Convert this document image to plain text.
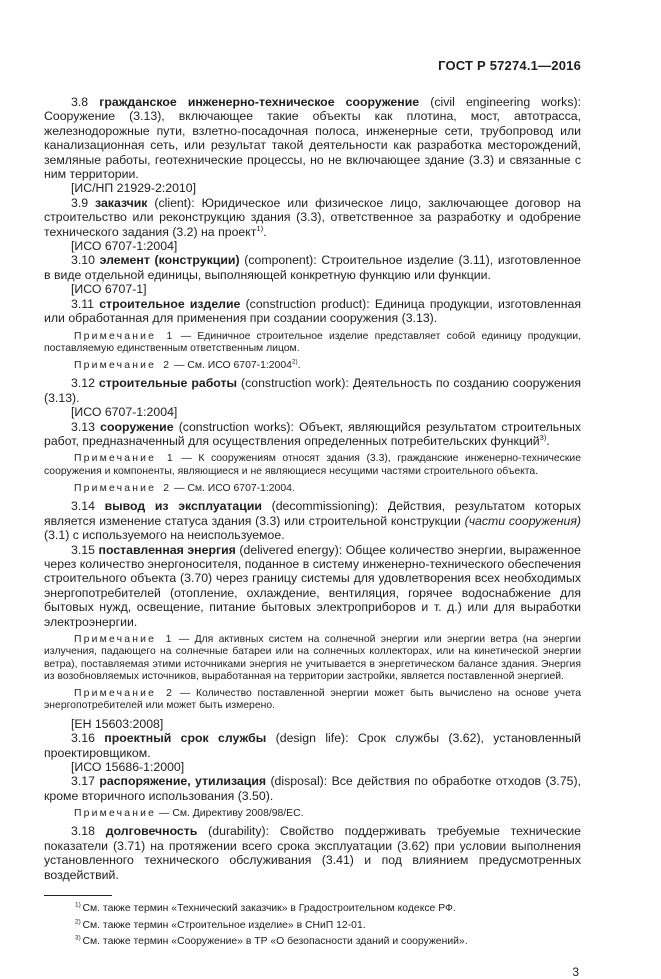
ГОСТ Р 57274.1—2016

3.8 гражданское инженерно-техническое сооружение (civil engineering works): Сооружение (3.13), включающее такие объекты как плотина, мост, автотрасса, железнодорожные пути, взлетно-посадочная полоса, инженерные сети, трубопровод или канализационная сеть, или результат такой деятельности как разработка месторождений, земляные работы, геотехнические процессы, но не включающее здание (3.3) и связанные с ним территории.

[ИС/НП 21929-2:2010]

3.9 заказчик (client): Юридическое или физическое лицо, заключающее договор на строительство или реконструкцию здания (3.3), ответственное за разработку и одобрение технического задания (3.2) на проект$^{1)}$.

[ИСО 6707-1:2004]

3.10 элемент (конструкции) (component): Строительное изделие (3.11), изготовленное в виде отдельной единицы, выполняющей конкретную функцию или функции.

[ИСО 6707-1]

3.11 строительное изделие (construction product): Единица продукции, изготовленная или обработанная для применения при создании сооружения (3.13).

Примечание 1 — Единичное строительное изделие представляет собой единицу продукции, поставляемую единственным ответственным лицом.

Примечание 2 — См. ИСО 6707-1:2004$^{2)}$.

3.12 строительные работы (construction work): Деятельность по созданию сооружения (3.13).

[ИСО 6707-1:2004]

3.13 сооружение (construction works): Объект, являющийся результатом строительных работ, предназначенный для осуществления определенных потребительских функций$^{3)}$.

Примечание 1 — К сооружениям относят здания (3.3), гражданские инженерно-технические сооружения и компоненты, являющиеся и не являющиеся несущими частями строительного объекта.

Примечание 2 — См. ИСО 6707-1:2004.

3.14 вывод из эксплуатации (decommissioning): Действия, результатом которых является изменение статуса здания (3.3) или строительной конструкции (части сооружения) (3.1) с используемого на неиспользуемое.

3.15 поставленная энергия (delivered energy): Общее количество энергии, выраженное через количество энергоносителя, поданное в систему инженерно-технического обеспечения строительного объекта (3.70) через границу системы для удовлетворения всех необходимых энергопотребителей (отопление, охлаждение, вентиляция, горячее водоснабжение для бытовых нужд, освещение, питание бытовых электроприборов и т. д.) или для выработки электроэнергии.

Примечание 1 — Для активных систем на солнечной энергии или энергии ветра (на энергии излучения, падающего на солнечные батареи или на солнечных коллекторах, или на кинетической энергии ветра), поставляемая этими источниками энергия не учитывается в энергетическом балансе здания. Энергия из возобновляемых источников, выработанная на территории застройки, является поставленной энергией.

Примечание 2 — Количество поставленной энергии может быть вычислено на основе учета энергопотребителей или может быть измерено.

[ЕН 15603:2008]

3.16 проектный срок службы (design life): Срок службы (3.62), установленный проектировщиком.

[ИСО 15686-1:2000]

3.17 распоряжение, утилизация (disposal): Все действия по обработке отходов (3.75), кроме вторичного использования (3.50).

Примечание — См. Директиву 2008/98/ЕС.

3.18 долговечность (durability): Свойство поддерживать требуемые технические показатели (3.71) на протяжении всего срока эксплуатации (3.62) при условии выполнения установленного технического обслуживания (3.41) и под влиянием предусмотренных воздействий.

$^{1)}$ См. также термин «Технический заказчик» в Градостроительном кодексе РФ.
$^{2)}$ См. также термин «Строительное изделие» в СНиП 12-01.
$^{3)}$ См. также термин «Сооружение» в ТР «О безопасности зданий и сооружений».

3
